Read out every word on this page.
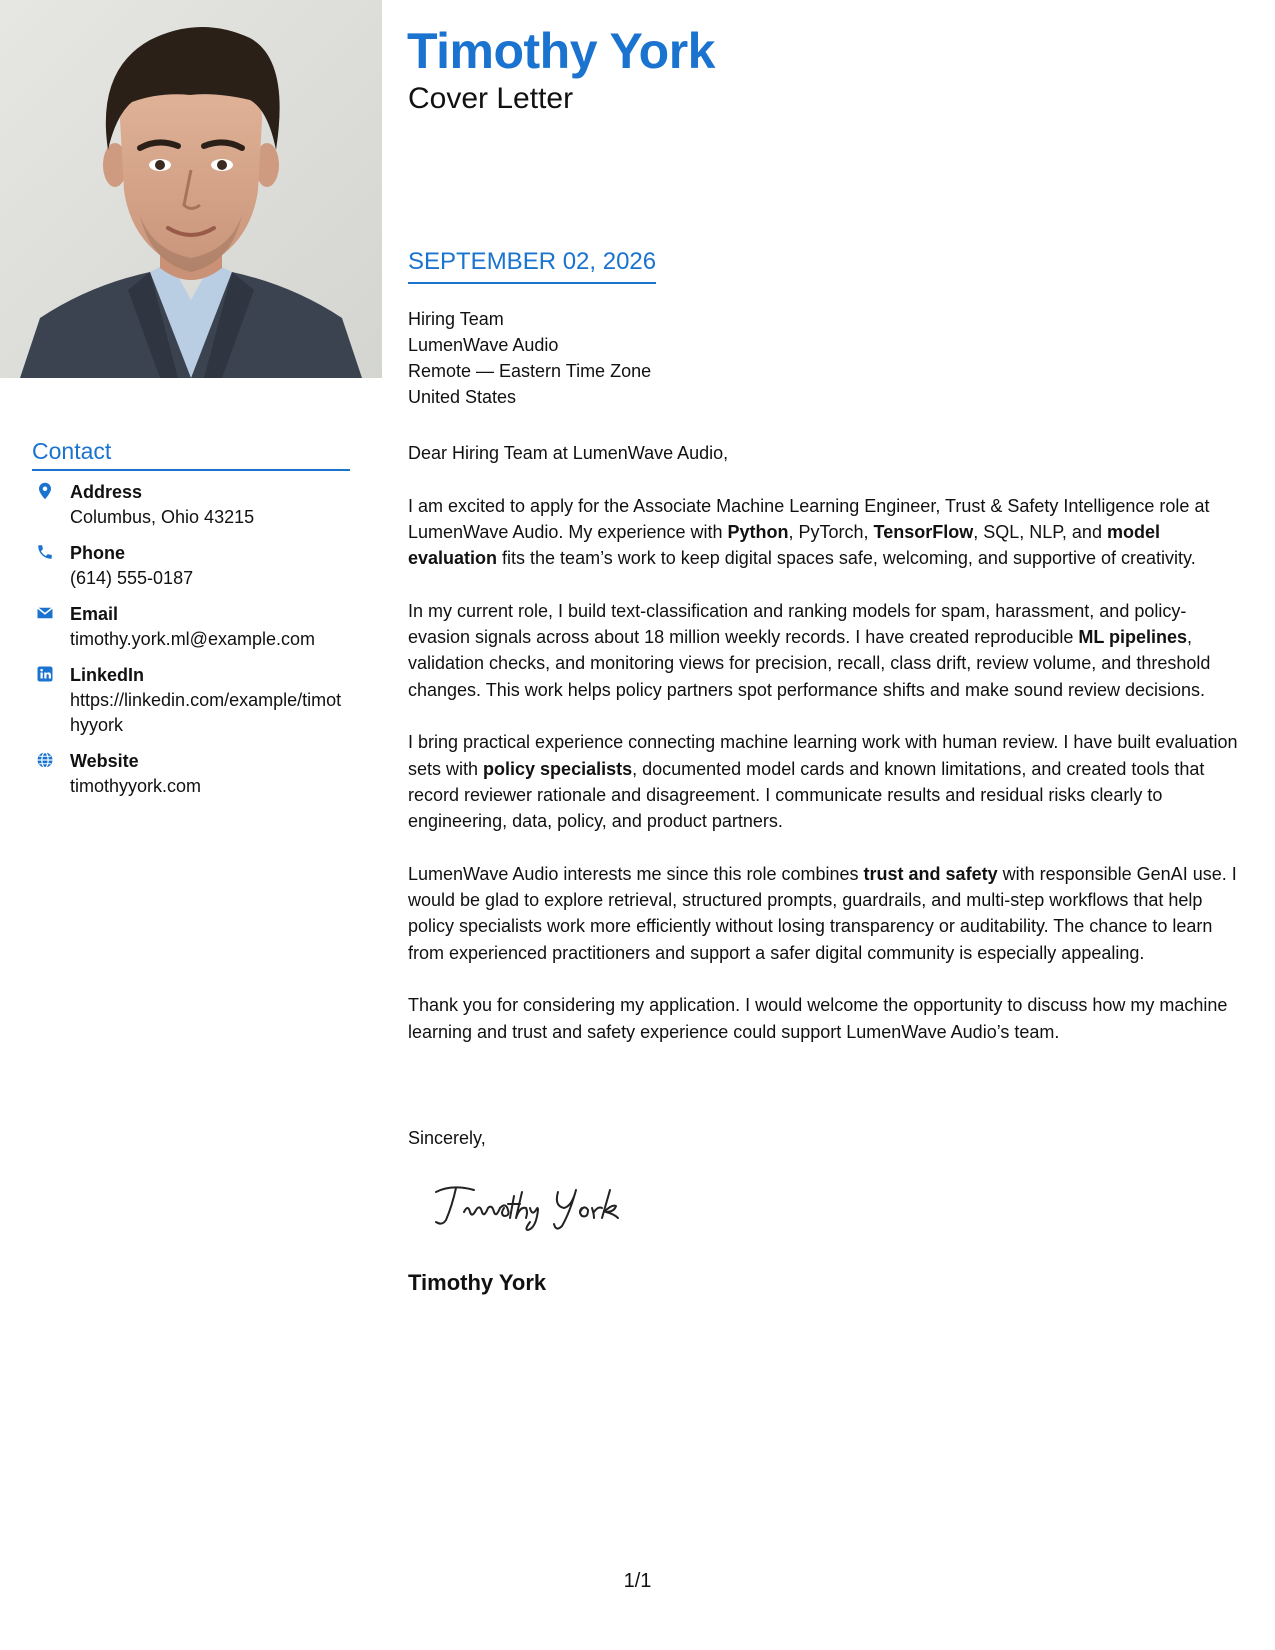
Contact
Address
Columbus, Ohio 43215
Phone
(614) 555-0187
Email
timothy.york.ml@example.com
LinkedIn
https://linkedin.com/example/timothyyork
Website
timothyyork.com
Timothy York
Cover Letter
SEPTEMBER 02, 2026
Hiring Team
LumenWave Audio
Remote — Eastern Time Zone
United States

Dear Hiring Team at LumenWave Audio,

I am excited to apply for the Associate Machine Learning Engineer, Trust & Safety Intelligence role at LumenWave Audio. My experience with Python, PyTorch, TensorFlow, SQL, NLP, and model evaluation fits the team’s work to keep digital spaces safe, welcoming, and supportive of creativity.

In my current role, I build text-classification and ranking models for spam, harassment, and policy-evasion signals across about 18 million weekly records. I have created reproducible ML pipelines, validation checks, and monitoring views for precision, recall, class drift, review volume, and threshold changes. This work helps policy partners spot performance shifts and make sound review decisions.

I bring practical experience connecting machine learning work with human review. I have built evaluation sets with policy specialists, documented model cards and known limitations, and created tools that record reviewer rationale and disagreement. I communicate results and residual risks clearly to engineering, data, policy, and product partners.

LumenWave Audio interests me since this role combines trust and safety with responsible GenAI use. I would be glad to explore retrieval, structured prompts, guardrails, and multi-step workflows that help policy specialists work more efficiently without losing transparency or auditability. The chance to learn from experienced practitioners and support a safer digital community is especially appealing.

Thank you for considering my application. I would welcome the opportunity to discuss how my machine learning and trust and safety experience could support LumenWave Audio’s team.

Sincerely,
Timothy York
1/1
